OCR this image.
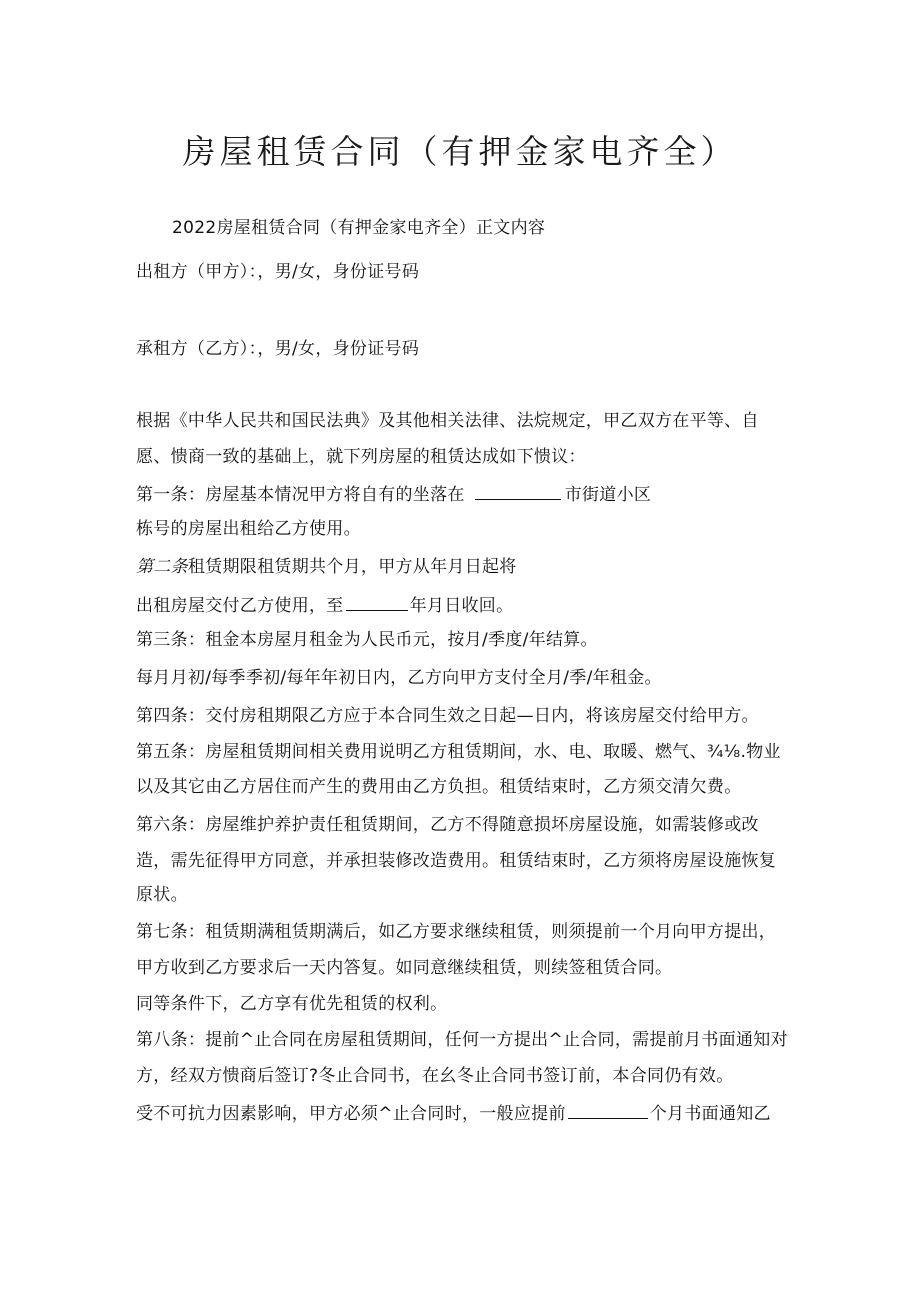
房屋租赁合同（有押金家电齐全）

2022房屋租赁合同（有押金家电齐全）正文内容

出租方（甲方）：，男/女，身份证号码

承租方（乙方）：，男/女，身份证号码

根据《中华人民共和国民法典》及其他相关法律、法烷规定，甲乙双方在平等、自

愿、愦商一致的基础上，就下列房屋的租赁达成如下愦议：

第一条：房屋基本情况甲方将自有的坐落在	市街道小区

栋号的房屋出租给乙方使用。

第二条租赁期限租赁期共个月，甲方从年月日起将

出租房屋交付乙方使用，至	年月日收回。

第三条：租金本房屋月租金为人民币元，按月/季度/年结算。

每月月初/每季季初/每年年初日内，乙方向甲方支付全月/季/年租金。

第四条：交付房租期限乙方应于本合同生效之日起—日内，将该房屋交付给甲方。

第五条：房屋租赁期间相关费用说明乙方租赁期间，水、电、取暖、燃气、¾⅛.物业

以及其它由乙方居住而产生的费用由乙方负担。租赁结束时，乙方须交清欠费。

第六条：房屋维护养护责任租赁期间，乙方不得随意损坏房屋设施，如需装修或改

造，需先征得甲方同意，并承担装修改造费用。租赁结束时，乙方须将房屋设施恢复

原状。

第七条：租赁期满租赁期满后，如乙方要求继续租赁，则须提前一个月向甲方提出，

甲方收到乙方要求后一天内答复。如同意继续租赁，则续签租赁合同。

同等条件下，乙方享有优先租赁的权利。

第八条：提前^止合同在房屋租赁期间，任何一方提出^止合同，需提前月书面通知对

方，经双方愦商后签订?冬止合同书，在幺冬止合同书签订前，本合同仍有效。

受不可抗力因素影响，甲方必须^止合同时，一般应提前	个月书面通知乙
